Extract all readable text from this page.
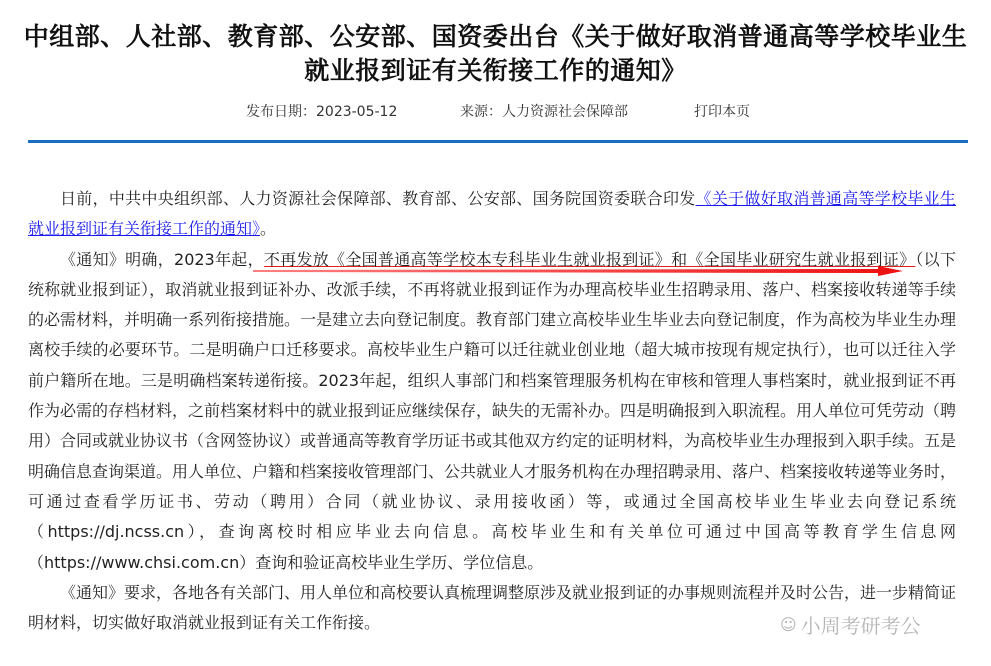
中组部、人社部、教育部、公安部、国资委出台《关于做好取消普通高等学校毕业生就业报到证有关衔接工作的通知》
发布日期：2023-05-12	来源：人力资源社会保障部	打印本页

日前，中共中央组织部、人力资源社会保障部、教育部、公安部、国务院国资委联合印发《关于做好取消普通高等学校毕业生就业报到证有关衔接工作的通知》。

《通知》明确，2023年起，不再发放《全国普通高等学校本专科毕业生就业报到证》和《全国毕业研究生就业报到证》（以下统称就业报到证），取消就业报到证补办、改派手续，不再将就业报到证作为办理高校毕业生招聘录用、落户、档案接收转递等手续的必需材料，并明确一系列衔接措施。一是建立去向登记制度。教育部门建立高校毕业生毕业去向登记制度，作为高校为毕业生办理离校手续的必要环节。二是明确户口迁移要求。高校毕业生户籍可以迁往就业创业地（超大城市按现有规定执行），也可以迁往入学前户籍所在地。三是明确档案转递衔接。2023年起，组织人事部门和档案管理服务机构在审核和管理人事档案时，就业报到证不再作为必需的存档材料，之前档案材料中的就业报到证应继续保存，缺失的无需补办。四是明确报到入职流程。用人单位可凭劳动（聘用）合同或就业协议书（含网签协议）或普通高等教育学历证书或其他双方约定的证明材料，为高校毕业生办理报到入职手续。五是明确信息查询渠道。用人单位、户籍和档案接收管理部门、公共就业人才服务机构在办理招聘录用、落户、档案接收转递等业务时，可通过查看学历证书、劳动（聘用）合同（就业协议、录用接收函）等，或通过全国高校毕业生毕业去向登记系统（https://dj.ncss.cn），查询离校时相应毕业去向信息。高校毕业生和有关单位可通过中国高等教育学生信息网（https://www.chsi.com.cn）查询和验证高校毕业生学历、学位信息。

《通知》要求，各地各有关部门、用人单位和高校要认真梳理调整原涉及就业报到证的办事规则流程并及时公告，进一步精简证明材料，切实做好取消就业报到证有关工作衔接。	☺ 小周考研考公
